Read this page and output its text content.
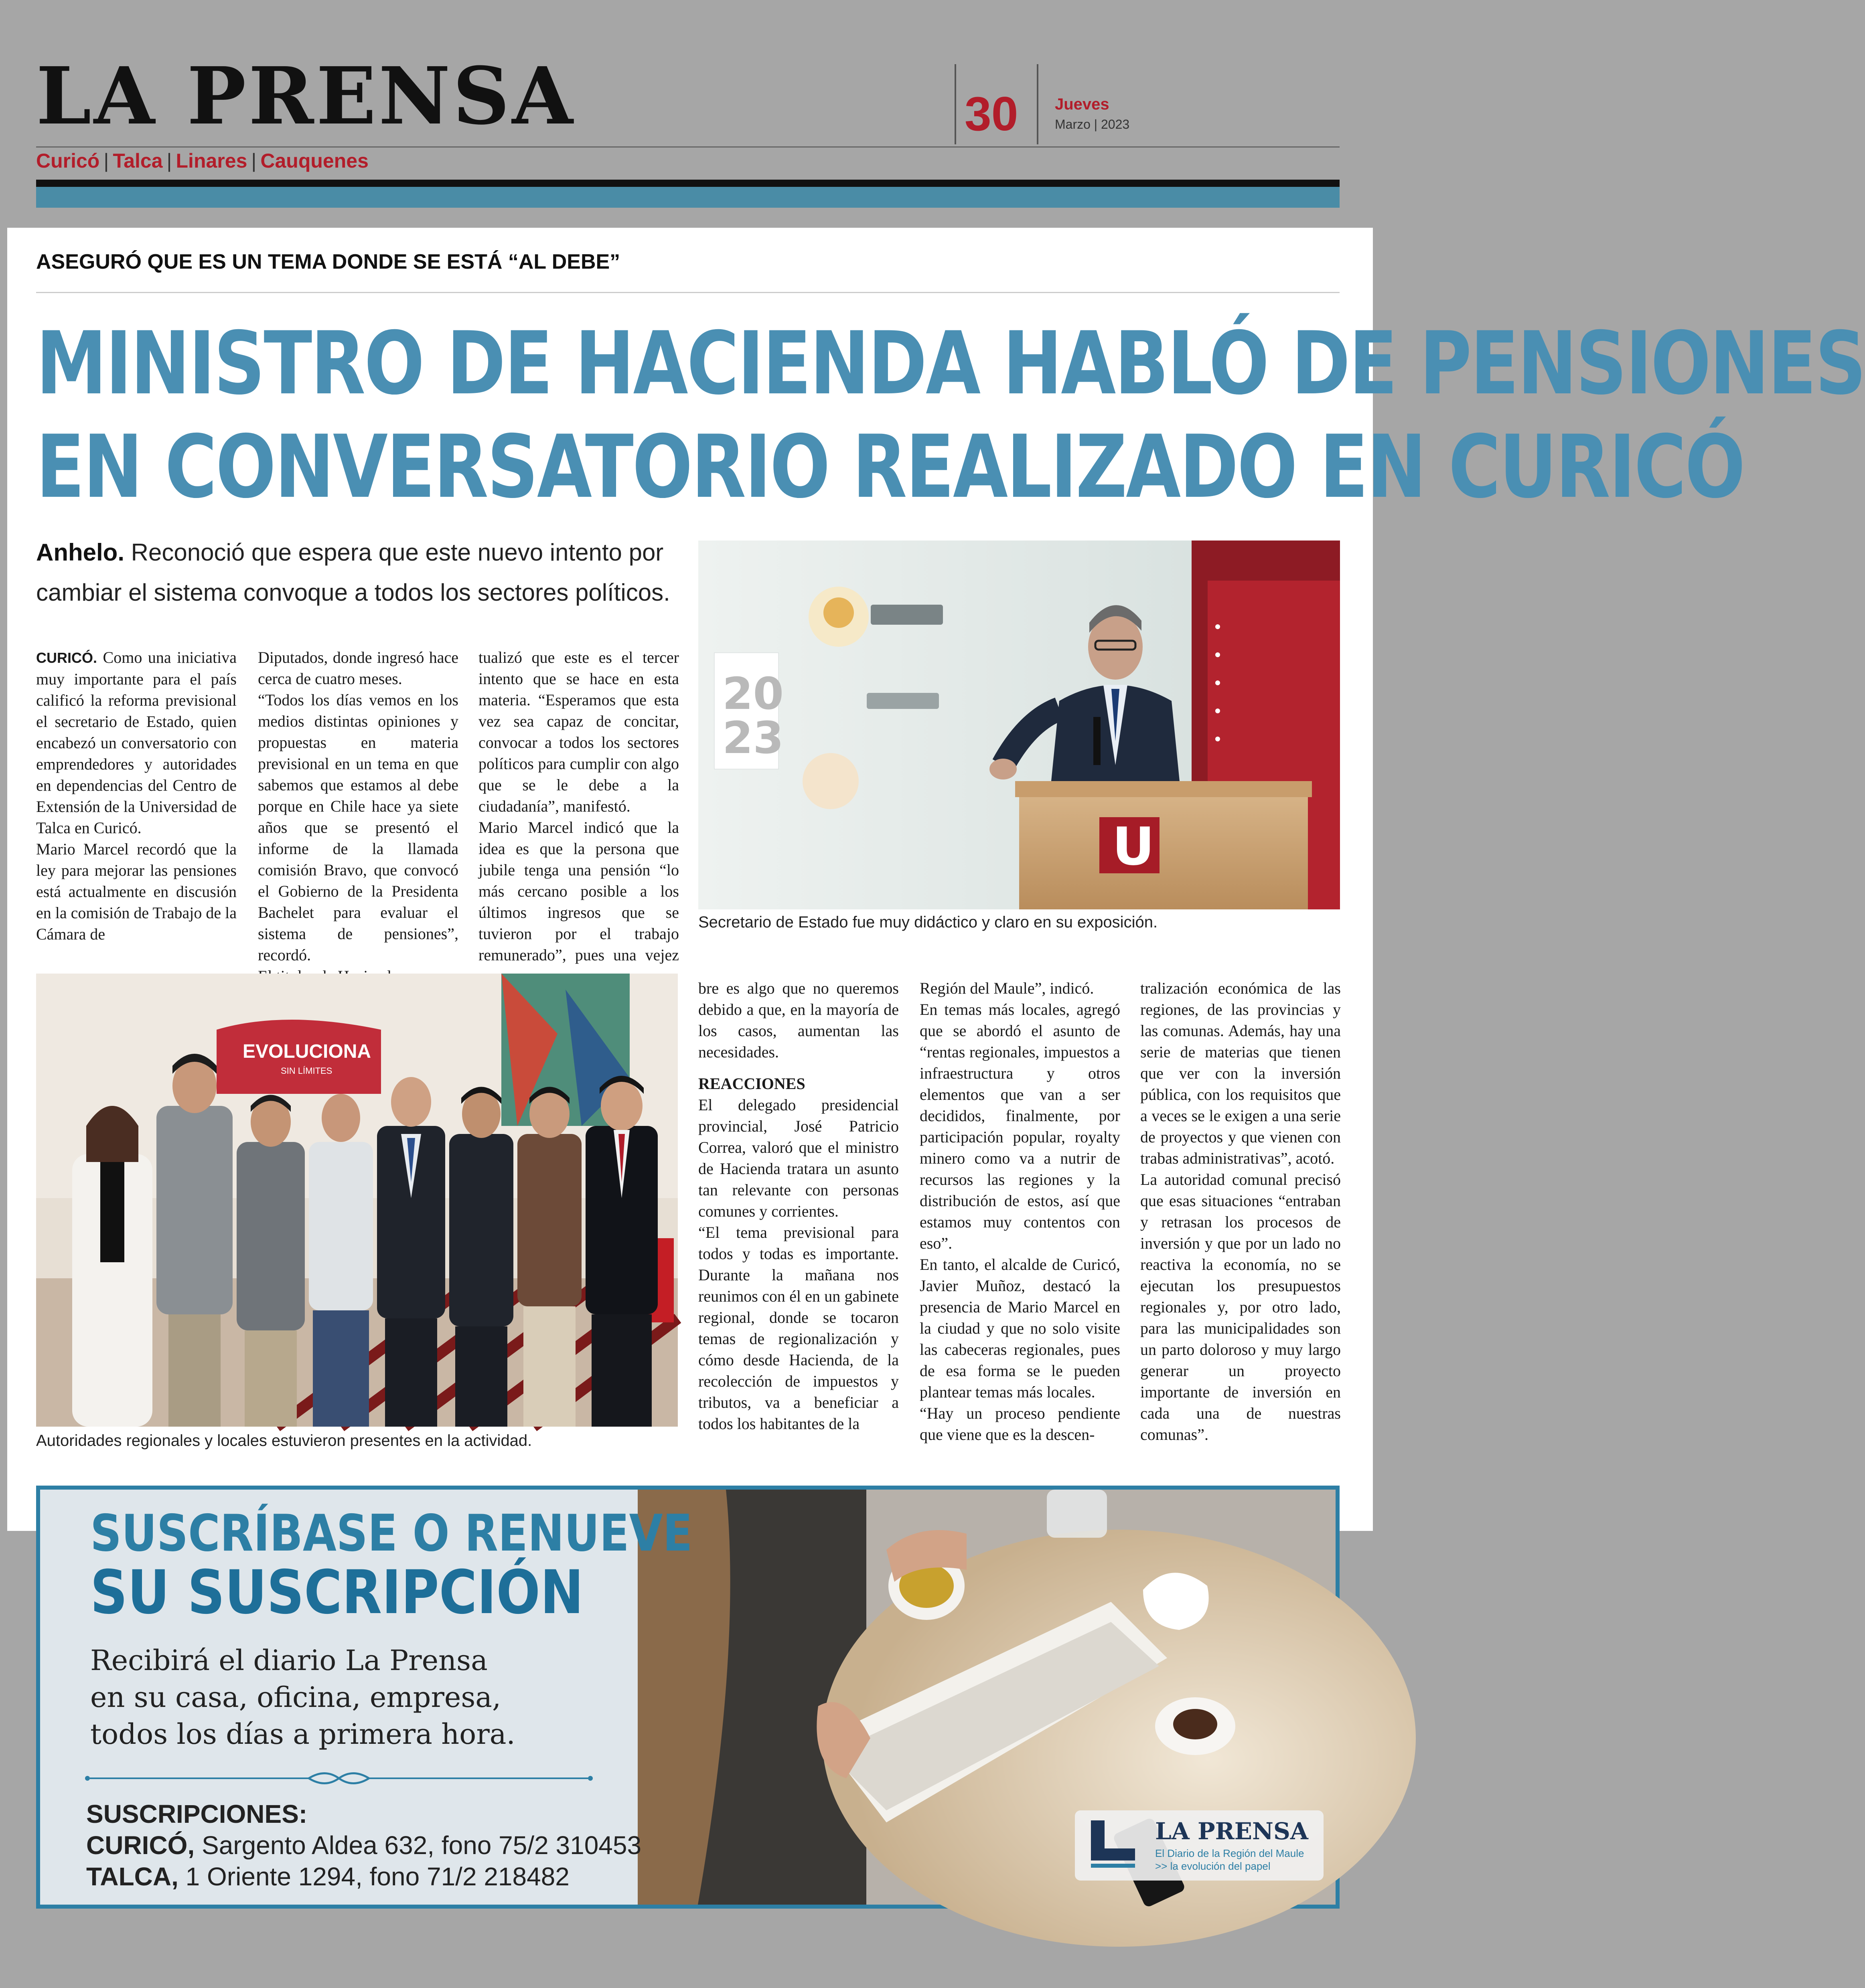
LA PRENSA
Curicó | Talca | Linares | Cauquenes
30 Jueves
Marzo | 2023
ASEGURÓ QUE ES UN TEMA DONDE SE ESTÁ “AL DEBE”
MINISTRO DE HACIENDA HABLÓ DE PENSIONES
EN CONVERSATORIO REALIZADO EN CURICÓ
Anhelo. Reconoció que espera que este nuevo intento por cambiar el sistema convoque a todos los sectores políticos.

CURICÓ. Como una iniciativa muy importante para el país calificó la reforma previsional el secretario de Estado, quien encabezó un conversatorio con emprendedores y autoridades en dependencias del Centro de Extensión de la Universidad de Talca en Curicó.

Mario Marcel recordó que la ley para mejorar las pensiones está actualmente en discusión en la comisión de Trabajo de la Cámara de

Diputados, donde ingresó hace cerca de cuatro meses.

“Todos los días vemos en los medios distintas opiniones y propuestas en materia previsional en un tema en que sabemos que estamos al debe porque en Chile hace ya siete años que se presentó el informe de la llamada comisión Bravo, que convocó el Gobierno de la Presidenta Bachelet para evaluar el sistema de pensiones”, recordó.

tualizó que este es el tercer intento que se hace en esta materia. “Esperamos que esta vez sea capaz de concitar, convocar a todos los sectores políticos para cumplir con algo que se le debe a la ciudadanía”, manifestó.

Mario Marcel indicó que la idea es que la persona que jubile tenga una pensión “lo más cercano posible a los últimos ingresos que se tuvieron por el trabajo remunerado”, pues una vejez

20
23
U
Secretario de Estado fue muy didáctico y claro en su exposición.
EVOLUCIONA
SIN LÍMITES
Autoridades regionales y locales estuvieron presentes en la actividad.

bre es algo que no queremos debido a que, en la mayoría de los casos, aumentan las necesidades.

REACCIONES

El delegado presidencial provincial, José Patricio Correa, valoró que el ministro de Hacienda tratara un asunto tan relevante con personas comunes y corrientes.

“El tema previsional para todos y todas es importante. Durante la mañana nos reunimos con él en un gabinete regional, donde se tocaron temas de regionalización y cómo desde Hacienda, de la recolección de impuestos y tributos, va a beneficiar a todos los habitantes de la

Región del Maule”, indicó.

En temas más locales, agregó que se abordó el asunto de “rentas regionales, impuestos a infraestructura y otros elementos que van a ser decididos, finalmente, por participación popular, royalty minero como va a nutrir de recursos las regiones y la distribución de estos, así que estamos muy contentos con eso”.

En tanto, el alcalde de Curicó, Javier Muñoz, destacó la presencia de Mario Marcel en la ciudad y que no solo visite las cabeceras regionales, pues de esa forma se le pueden plantear temas más locales.

“Hay un proceso pendiente que viene que es la descen-

tralización económica de las regiones, de las provincias y las comunas. Además, hay una serie de materias que tienen que ver con la inversión pública, con los requisitos que a veces se le exigen a una serie de proyectos y que vienen con trabas administrativas”, acotó.

La autoridad comunal precisó que esas situaciones “entraban y retrasan los procesos de inversión y que por un lado no reactiva la economía, no se ejecutan los presupuestos regionales y, por otro lado, para las municipalidades son un parto doloroso y muy largo generar un proyecto importante de inversión en cada una de nuestras comunas”.

SUSCRÍBASE O RENUEVE
SU SUSCRIPCIÓN
Recibirá el diario La Prensa
en su casa, oficina, empresa,
todos los días a primera hora.
SUSCRIPCIONES:
CURICÓ, Sargento Aldea 632, fono 75/2 310453
TALCA, 1 Oriente 1294, fono 71/2 218482
LA PRENSA
El Diario de la Región del Maule
>> la evolución del papel
